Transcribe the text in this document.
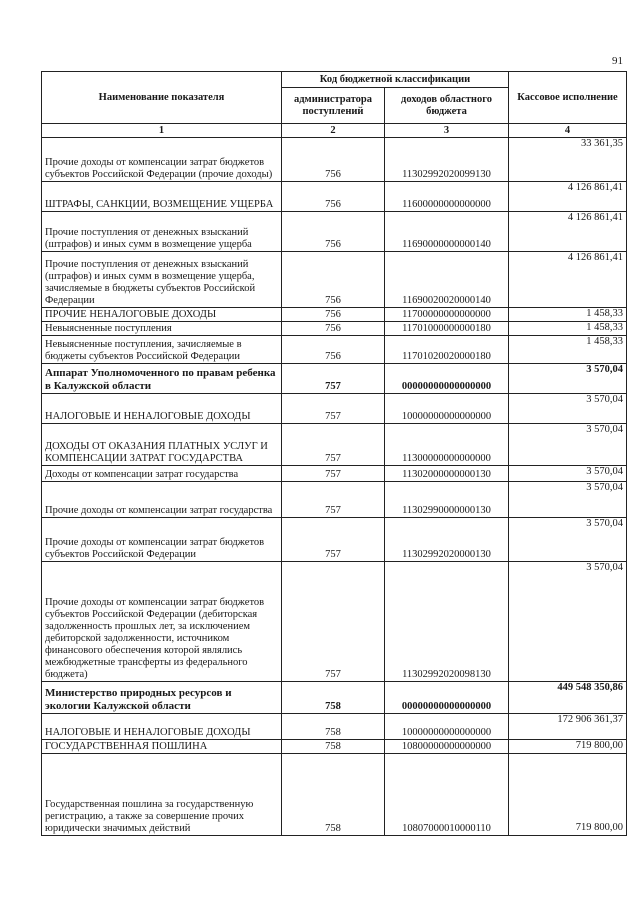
91
Наименование показателя	Код бюджетной классификации		Кассовое исполнение
	администратора поступлений	доходов областного бюджета	
1	2	3	4
Прочие доходы от компенсации затрат бюджетов субъектов Российской Федерации (прочие доходы)	756	11302992020099130	33 361,35
ШТРАФЫ, САНКЦИИ, ВОЗМЕЩЕНИЕ УЩЕРБА	756	11600000000000000	4 126 861,41
Прочие поступления от денежных взысканий (штрафов) и иных сумм в возмещение ущерба	756	11690000000000140	4 126 861,41
Прочие поступления от денежных взысканий (штрафов) и иных сумм в возмещение ущерба, зачисляемые в бюджеты субъектов Российской Федерации	756	11690020020000140	4 126 861,41
ПРОЧИЕ НЕНАЛОГОВЫЕ ДОХОДЫ	756	11700000000000000	1 458,33
Невыясненные поступления	756	11701000000000180	1 458,33
Невыясненные поступления, зачисляемые в бюджеты субъектов Российской Федерации	756	11701020020000180	1 458,33
Аппарат Уполномоченного по правам ребенка в Калужской области	757	00000000000000000	3 570,04
НАЛОГОВЫЕ И НЕНАЛОГОВЫЕ ДОХОДЫ	757	10000000000000000	3 570,04
ДОХОДЫ ОТ ОКАЗАНИЯ ПЛАТНЫХ УСЛУГ И КОМПЕНСАЦИИ ЗАТРАТ ГОСУДАРСТВА	757	11300000000000000	3 570,04
Доходы от компенсации затрат государства	757	11302000000000130	3 570,04
Прочие доходы от компенсации затрат государства	757	11302990000000130	3 570,04
Прочие доходы от компенсации затрат бюджетов субъектов Российской Федерации	757	11302992020000130	3 570,04
Прочие доходы от компенсации затрат бюджетов субъектов Российской Федерации (дебиторская задолженность прошлых лет, за исключением дебиторской задолженности, источником финансового обеспечения которой являлись межбюджетные трансферты из федерального бюджета)	757	11302992020098130	3 570,04
Министерство природных ресурсов и экологии Калужской области	758	00000000000000000	449 548 350,86
НАЛОГОВЫЕ И НЕНАЛОГОВЫЕ ДОХОДЫ	758	10000000000000000	172 906 361,37
ГОСУДАРСТВЕННАЯ ПОШЛИНА	758	10800000000000000	719 800,00
Государственная пошлина за государственную регистрацию, а также за совершение прочих юридически значимых действий	758	10807000010000110	719 800,00
